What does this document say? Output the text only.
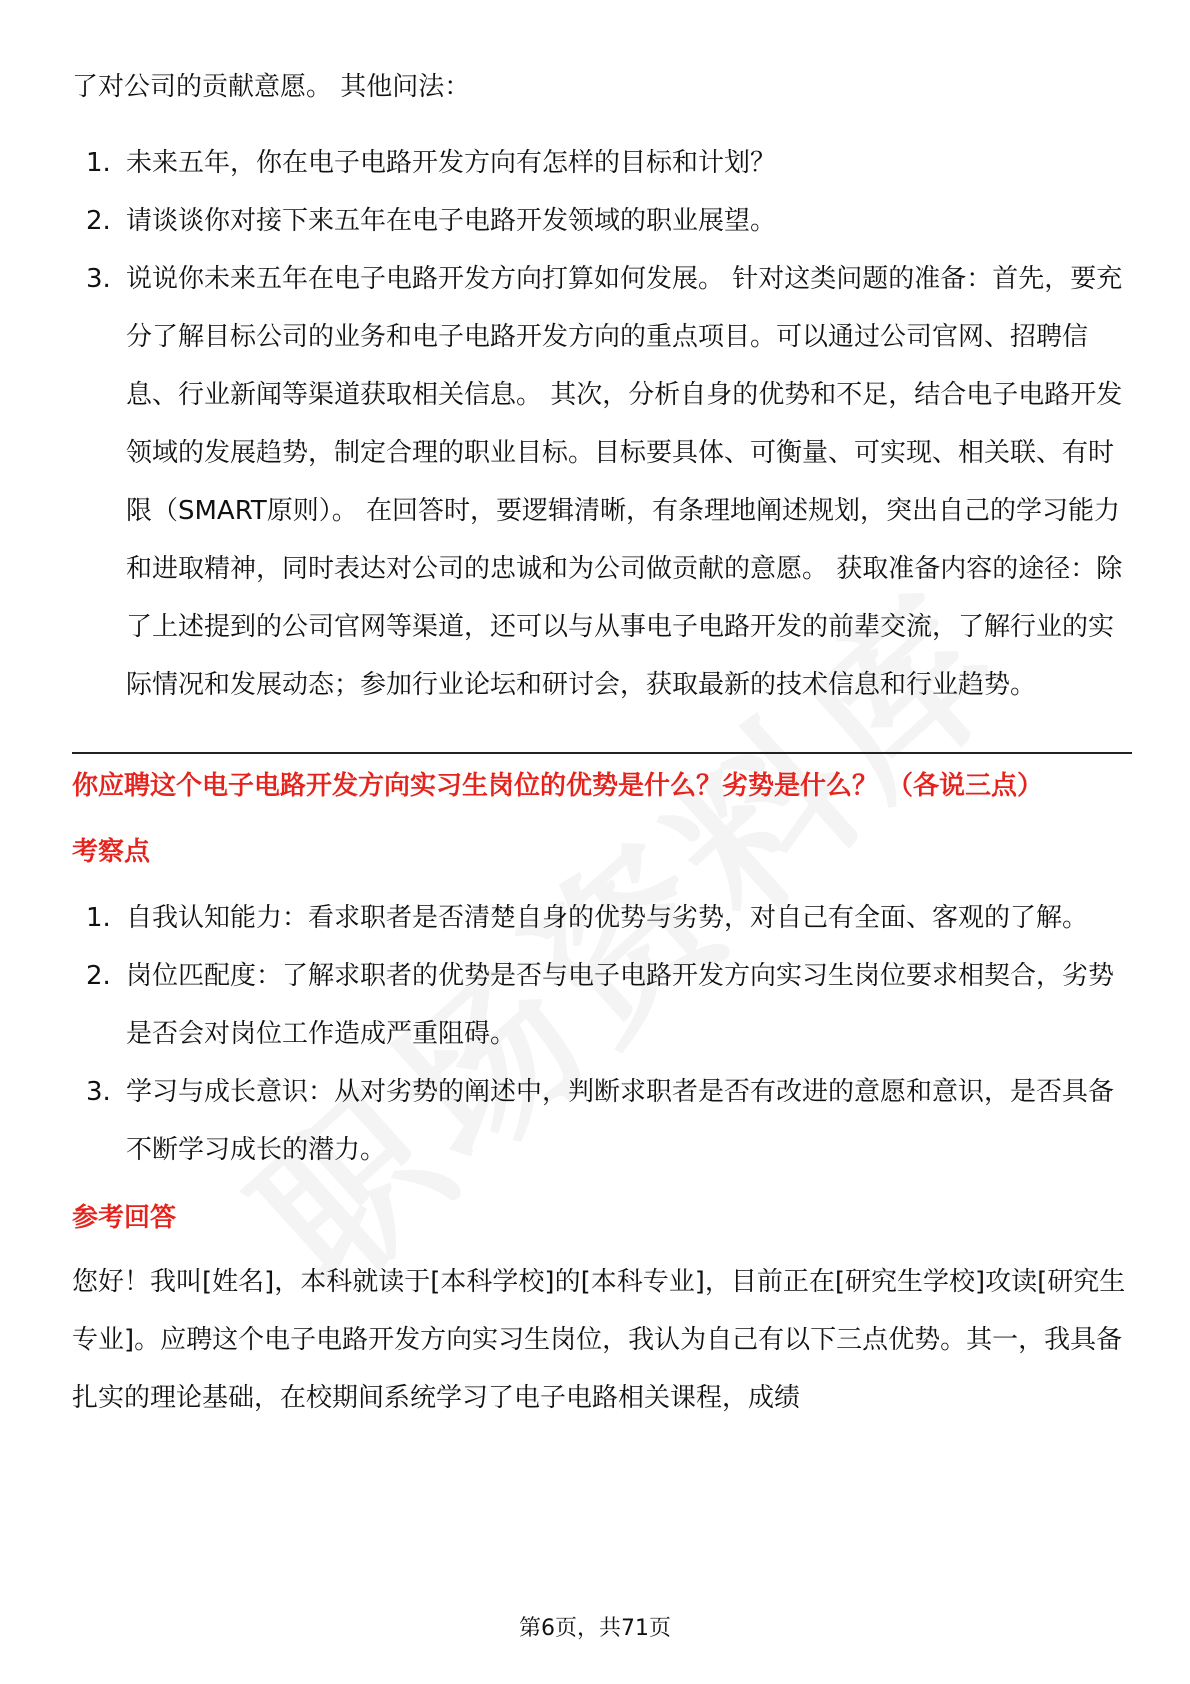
了对公司的贡献意愿。 其他问法：

1. 未来五年，你在电子电路开发方向有怎样的目标和计划？
2. 请谈谈你对接下来五年在电子电路开发领域的职业展望。
3. 说说你未来五年在电子电路开发方向打算如何发展。 针对这类问题的准备：首先，要充分了解目标公司的业务和电子电路开发方向的重点项目。可以通过公司官网、招聘信息、行业新闻等渠道获取相关信息。 其次，分析自身的优势和不足，结合电子电路开发领域的发展趋势，制定合理的职业目标。目标要具体、可衡量、可实现、相关联、有时限（SMART原则）。 在回答时，要逻辑清晰，有条理地阐述规划，突出自己的学习能力和进取精神，同时表达对公司的忠诚和为公司做贡献的意愿。 获取准备内容的途径：除了上述提到的公司官网等渠道，还可以与从事电子电路开发的前辈交流，了解行业的实际情况和发展动态；参加行业论坛和研讨会，获取最新的技术信息和行业趋势。
你应聘这个电子电路开发方向实习生岗位的优势是什么？劣势是什么？ （各说三点）
考察点
1. 自我认知能力：看求职者是否清楚自身的优势与劣势，对自己有全面、客观的了解。
2. 岗位匹配度：了解求职者的优势是否与电子电路开发方向实习生岗位要求相契合，劣势是否会对岗位工作造成严重阻碍。
3. 学习与成长意识：从对劣势的阐述中，判断求职者是否有改进的意愿和意识，是否具备不断学习成长的潜力。
参考回答

您好！我叫[姓名]，本科就读于[本科学校]的[本科专业]，目前正在[研究生学校]攻读[研究生专业]。应聘这个电子电路开发方向实习生岗位，我认为自己有以下三点优势。其一，我具备扎实的理论基础，在校期间系统学习了电子电路相关课程，成绩

第6页，共71页
